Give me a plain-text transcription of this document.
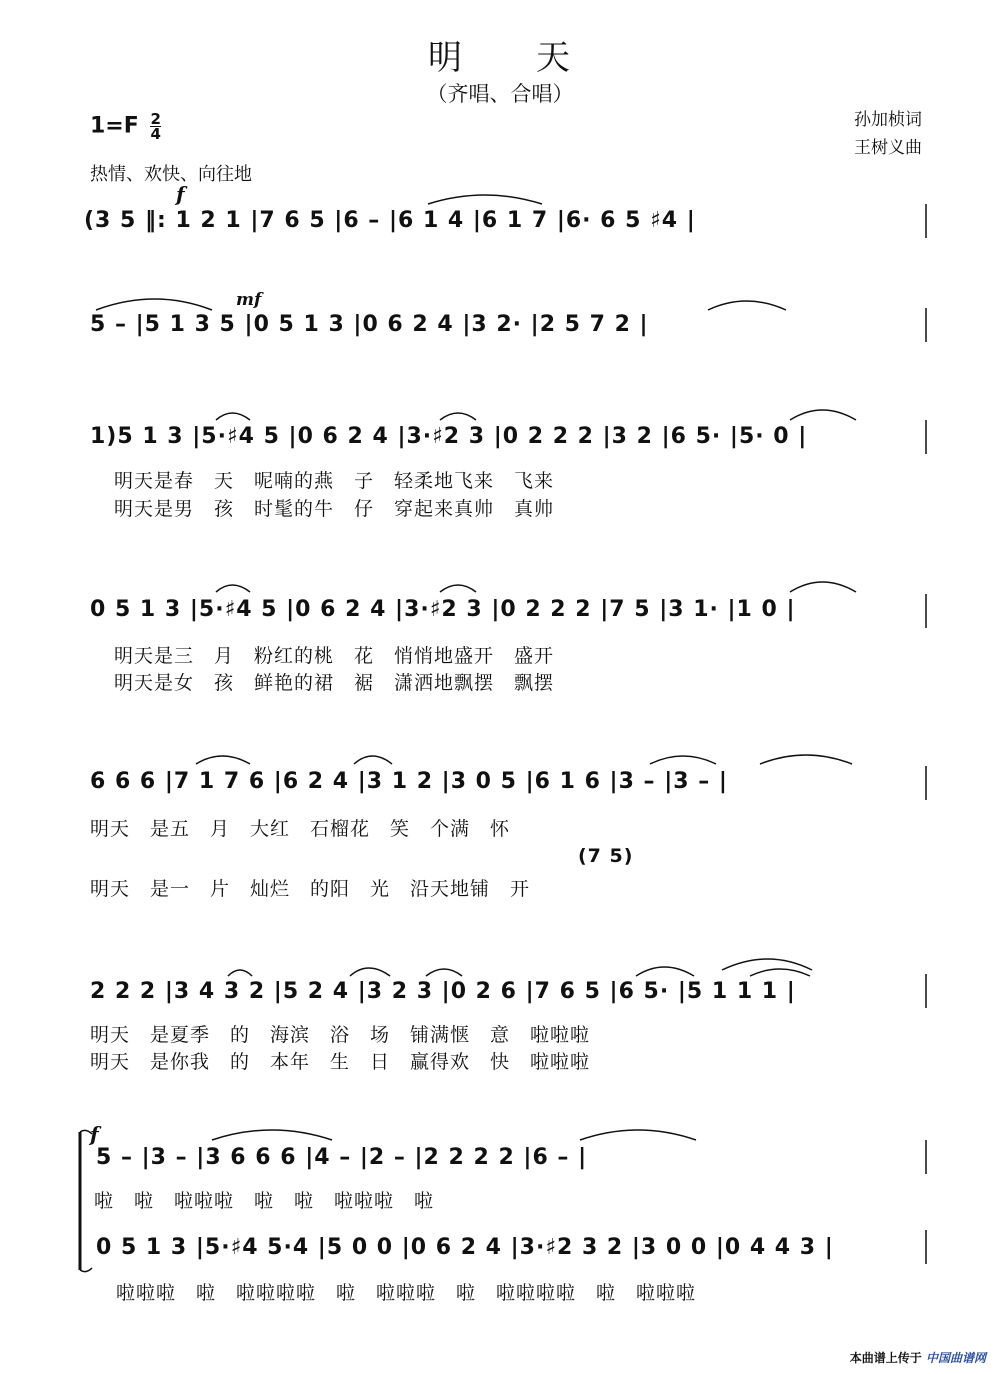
明　　天
（齐唱、合唱）
孙加桢词
王树义曲
$1=F \frac{2}{4}$
热情、欢快、向往地
f
mf
f
(3 5 ‖: 1 2 1 |7 6 5 |6 – |6 1 4 |6 1 7 |6· 6 5 ♯4 |
5 – |5 1 3 5 |0 5 1 3 |0 6 2 4 |3 2· |2 5 7 2 |
1)5 1 3 |5·♯4 5 |0 6 2 4 |3·♯2 3 |0 2 2 2 |3 2 |6 5· |5· 0 |
明天是春　天　呢喃的燕　子　轻柔地飞来　飞来
明天是男　孩　时髦的牛　仔　穿起来真帅　真帅
0 5 1 3 |5·♯4 5 |0 6 2 4 |3·♯2 3 |0 2 2 2 |7 5 |3 1· |1 0 |
明天是三　月　粉红的桃　花　悄悄地盛开　盛开
明天是女　孩　鲜艳的裙　裾　潇洒地飘摆　飘摆
6 6 6 |7 1 7 6 |6 2 4 |3 1 2 |3 0 5 |6 1 6 |3 – |3 – |
明天　是五　月　大红　石榴花　笑　个满　怀
(7 5)
明天　是一　片　灿烂　的阳　光　沿天地铺　开
2 2 2 |3 4 3 2 |5 2 4 |3 2 3 |0 2 6 |7 6 5 |6 5· |5 1 1 1 |
明天　是夏季　的　海滨　浴　场　铺满惬　意　啦啦啦
明天　是你我　的　本年　生　日　赢得欢　快　啦啦啦
5 – |3 – |3 6 6 6 |4 – |2 – |2 2 2 2 |6 – |
啦　啦　啦啦啦　啦　啦　啦啦啦　啦
0 5 1 3 |5·♯4 5·4 |5 0 0 |0 6 2 4 |3·♯2 3 2 |3 0 0 |0 4 4 3 |
啦啦啦　啦　啦啦啦啦　啦　啦啦啦　啦　啦啦啦啦　啦　啦啦啦
本曲谱上传于 中国曲谱网
